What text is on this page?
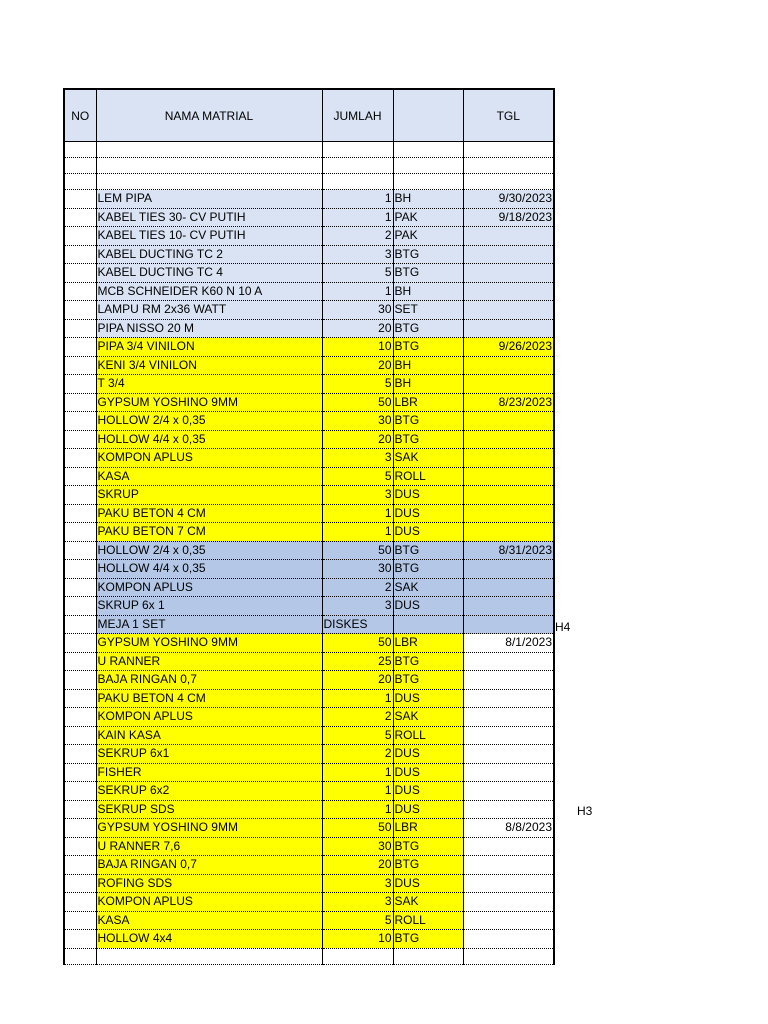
NO	NAMA MATRIAL	JUMLAH		TGL

	LEM PIPA	1	BH	9/30/2023
	KABEL TIES 30- CV PUTIH	1	PAK	9/18/2023
	KABEL TIES 10- CV PUTIH	2	PAK	
	KABEL DUCTING TC 2	3	BTG	
	KABEL DUCTING TC 4	5	BTG	
	MCB SCHNEIDER K60 N 10 A	1	BH	
	LAMPU RM 2x36 WATT	30	SET	
	PIPA NISSO 20 M	20	BTG	
	PIPA 3/4 VINILON	10	BTG	9/26/2023
	KENI 3/4 VINILON	20	BH	
	T 3/4	5	BH	
	GYPSUM YOSHINO 9MM	50	LBR	8/23/2023
	HOLLOW 2/4 x 0,35	30	BTG	
	HOLLOW 4/4 x 0,35	20	BTG	
	KOMPON APLUS	3	SAK	
	KASA	5	ROLL	
	SKRUP	3	DUS	
	PAKU BETON 4 CM	1	DUS	
	PAKU BETON 7 CM	1	DUS	
	HOLLOW 2/4 x 0,35	50	BTG	8/31/2023
	HOLLOW 4/4 x 0,35	30	BTG	
	KOMPON APLUS	2	SAK	
	SKRUP 6x 1	3	DUS	
	MEJA 1 SET	DISKES		
	GYPSUM YOSHINO 9MM	50	LBR	8/1/2023
	U RANNER	25	BTG	
	BAJA RINGAN 0,7	20	BTG	
	PAKU BETON 4 CM	1	DUS	
	KOMPON APLUS	2	SAK	
	KAIN KASA	5	ROLL	
	SEKRUP 6x1	2	DUS	
	FISHER	1	DUS	
	SEKRUP 6x2	1	DUS	
	SEKRUP SDS	1	DUS	
	GYPSUM YOSHINO 9MM	50	LBR	8/8/2023
	U RANNER 7,6	30	BTG	
	BAJA RINGAN 0,7	20	BTG	
	ROFING SDS	3	DUS	
	KOMPON APLUS	3	SAK	
	KASA	5	ROLL	
	HOLLOW 4x4	10	BTG	

H4
H3
